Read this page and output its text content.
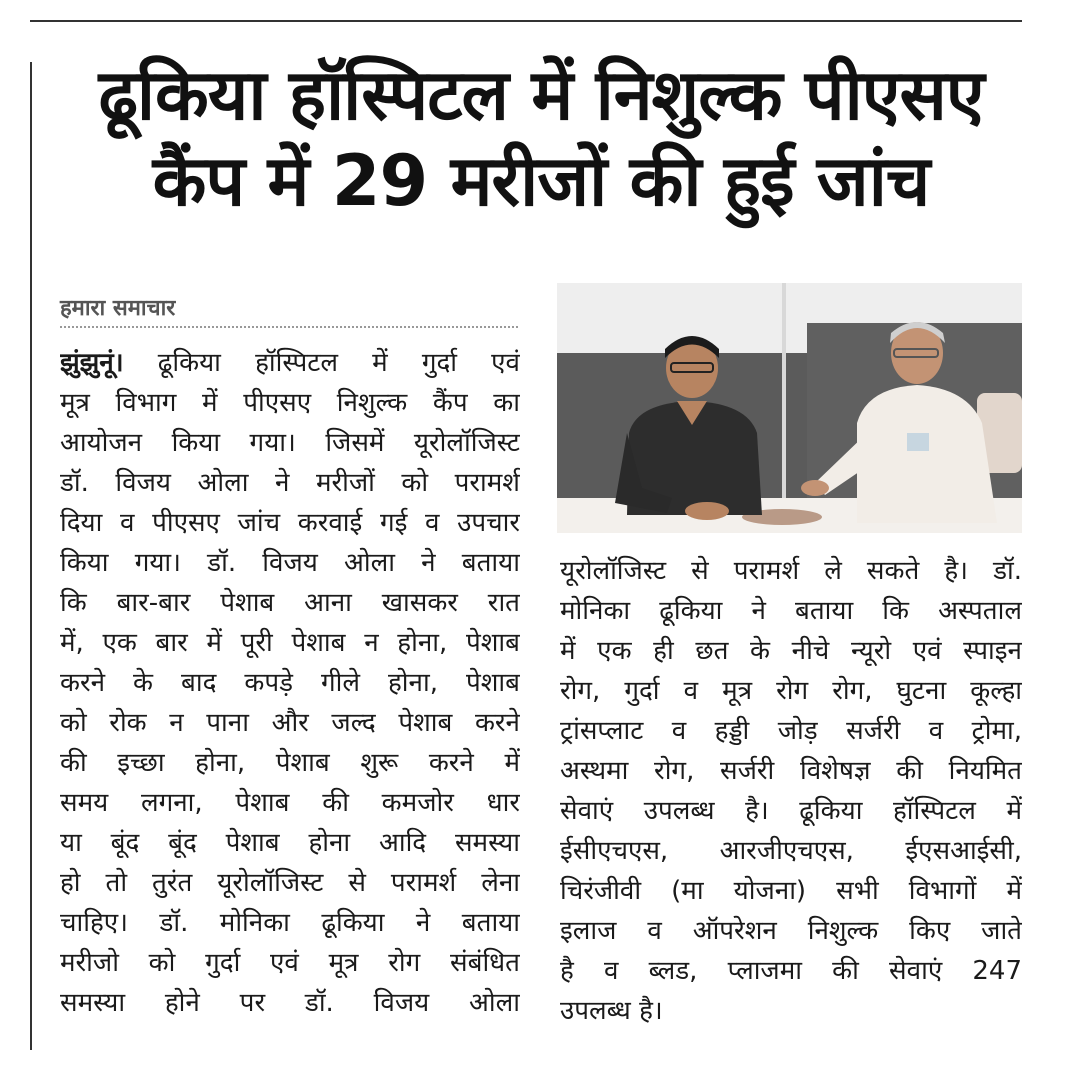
ढूकिया हॉस्पिटल में निशुल्क पीएसए
कैंप में 29 मरीजों की हुई जांच
हमारा समाचार
झुंझुनूं। ढूकिया हॉस्पिटल में गुर्दा एवं
मूत्र विभाग में पीएसए निशुल्क कैंप का
आयोजन किया गया। जिसमें यूरोलॉजिस्ट
डॉ. विजय ओला ने मरीजों को परामर्श
दिया व पीएसए जांच करवाई गई व उपचार
किया गया। डॉ. विजय ओला ने बताया
कि बार-बार पेशाब आना खासकर रात
में, एक बार में पूरी पेशाब न होना, पेशाब
करने के बाद कपड़े गीले होना, पेशाब
को रोक न पाना और जल्द पेशाब करने
की इच्छा होना, पेशाब शुरू करने में
समय लगना, पेशाब की कमजोर धार
या बूंद बूंद पेशाब होना आदि समस्या
हो तो तुरंत यूरोलॉजिस्ट से परामर्श लेना
चाहिए। डॉ. मोनिका ढूकिया ने बताया
मरीजो को गुर्दा एवं मूत्र रोग संबंधित
समस्या होने पर डॉ. विजय ओला
यूरोलॉजिस्ट से परामर्श ले सकते है। डॉ.
मोनिका ढूकिया ने बताया कि अस्पताल
में एक ही छत के नीचे न्यूरो एवं स्पाइन
रोग, गुर्दा व मूत्र रोग रोग, घुटना कूल्हा
ट्रांसप्लाट व हड्डी जोड़ सर्जरी व ट्रोमा,
अस्थमा रोग, सर्जरी विशेषज्ञ की नियमित
सेवाएं उपलब्ध है। ढूकिया हॉस्पिटल में
ईसीएचएस, आरजीएचएस, ईएसआईसी,
चिरंजीवी (मा योजना) सभी विभागों में
इलाज व ऑपरेशन निशुल्क किए जाते
है व ब्लड, प्लाजमा की सेवाएं 247
उपलब्ध है।
